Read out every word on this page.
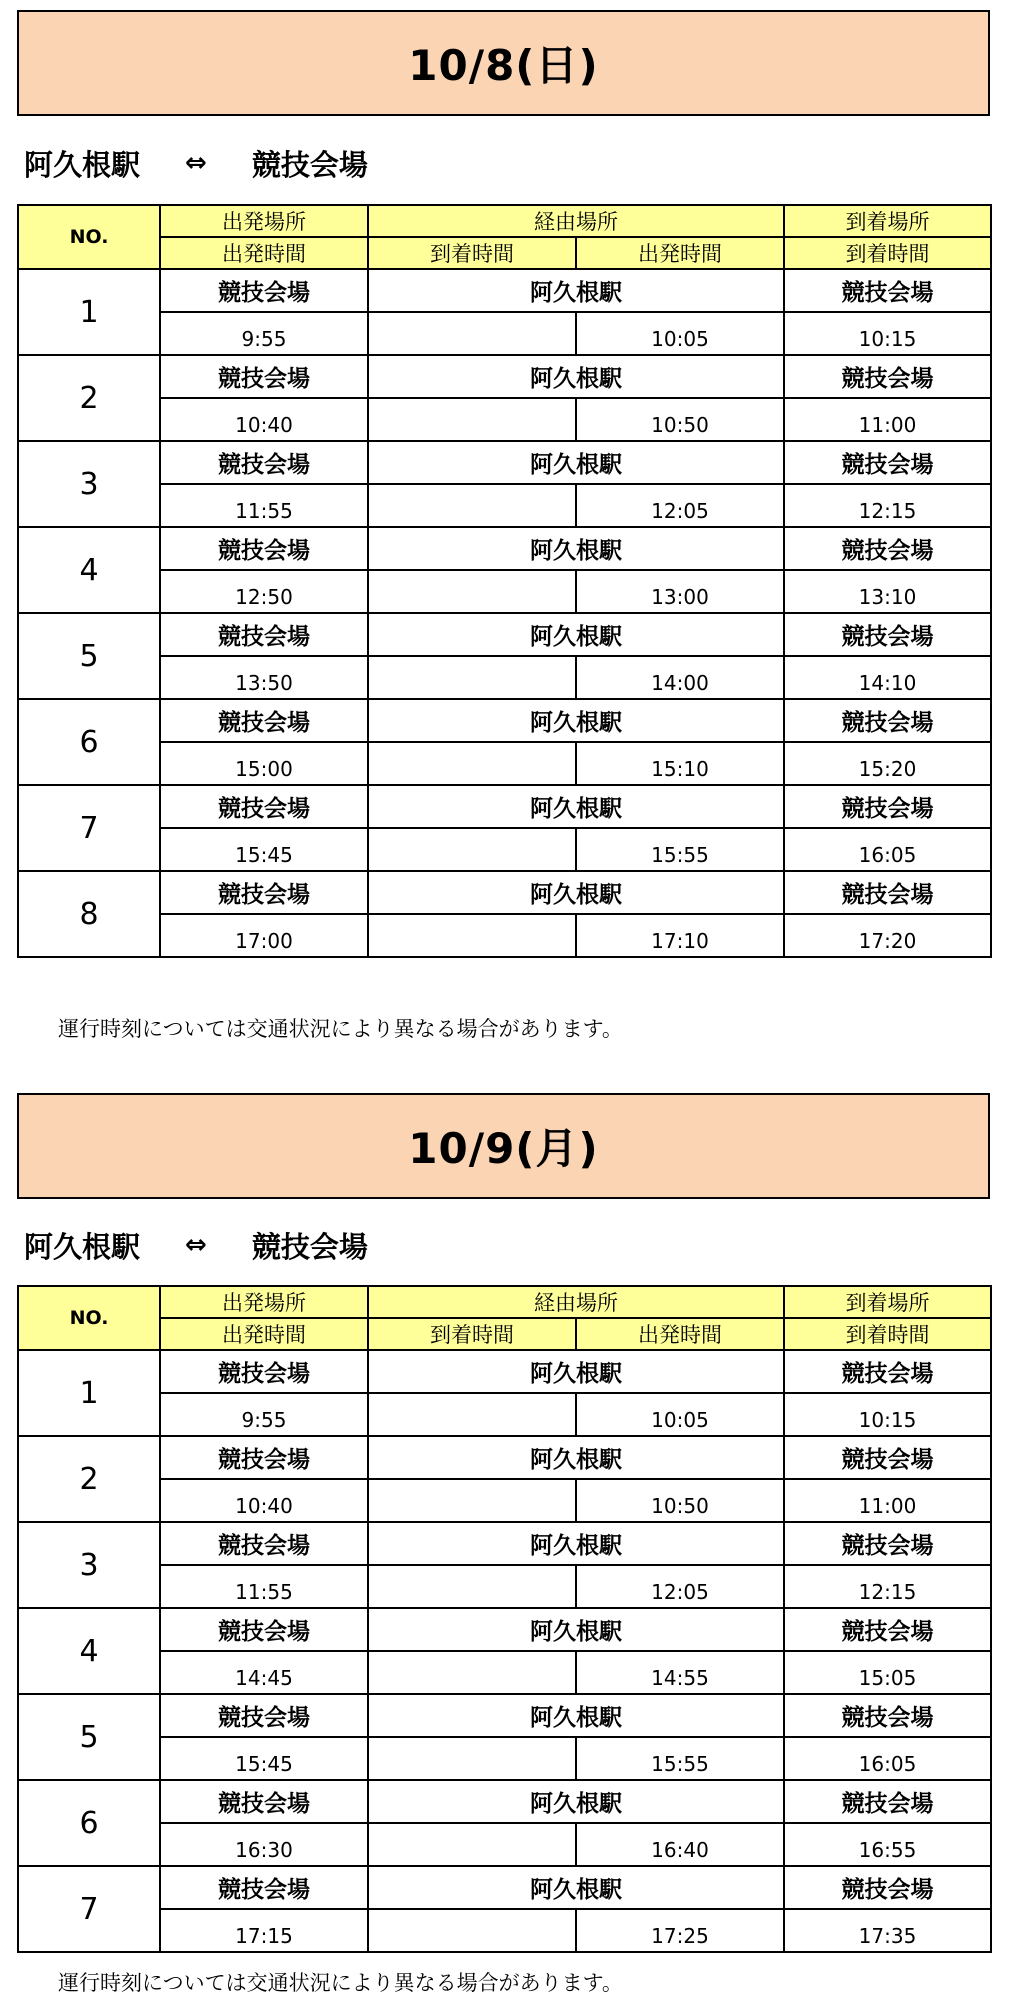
10/8(日)
阿久根駅 ⇔ 競技会場
NO.	出発場所	経由場所		到着場所
	出発時間	到着時間	出発時間	到着時間
1	競技会場	阿久根駅		競技会場
	9:55		10:05	10:15
2	競技会場	阿久根駅		競技会場
	10:40		10:50	11:00
3	競技会場	阿久根駅		競技会場
	11:55		12:05	12:15
4	競技会場	阿久根駅		競技会場
	12:50		13:00	13:10
5	競技会場	阿久根駅		競技会場
	13:50		14:00	14:10
6	競技会場	阿久根駅		競技会場
	15:00		15:10	15:20
7	競技会場	阿久根駅		競技会場
	15:45		15:55	16:05
8	競技会場	阿久根駅		競技会場
	17:00		17:10	17:20
運行時刻については交通状況により異なる場合があります。
10/9(月)
阿久根駅 ⇔ 競技会場
NO.	出発場所	経由場所		到着場所
	出発時間	到着時間	出発時間	到着時間
1	競技会場	阿久根駅		競技会場
	9:55		10:05	10:15
2	競技会場	阿久根駅		競技会場
	10:40		10:50	11:00
3	競技会場	阿久根駅		競技会場
	11:55		12:05	12:15
4	競技会場	阿久根駅		競技会場
	14:45		14:55	15:05
5	競技会場	阿久根駅		競技会場
	15:45		15:55	16:05
6	競技会場	阿久根駅		競技会場
	16:30		16:40	16:55
7	競技会場	阿久根駅		競技会場
	17:15		17:25	17:35
運行時刻については交通状況により異なる場合があります。
